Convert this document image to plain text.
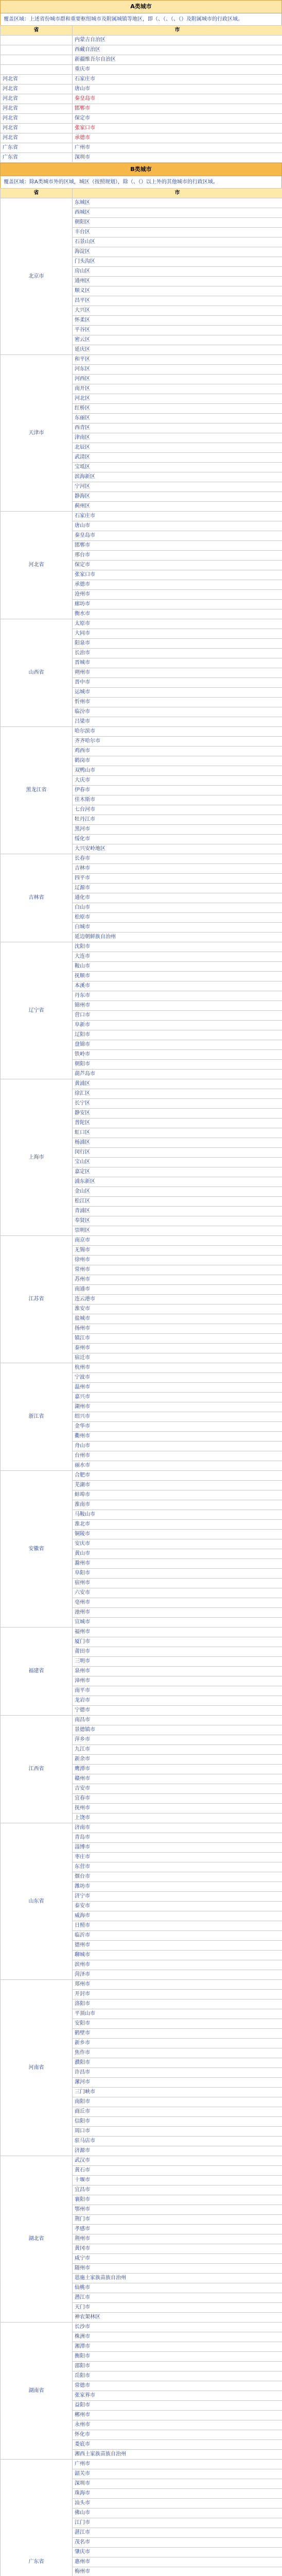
A类城市
覆盖区域：上述省份城市群和重要枢纽城市及附属城镇等地区，即（、（、（、（）及附属城市的行政区域。
省	市
	内蒙古自治区
	西藏自治区
	新疆维吾尔自治区
	重庆市
河北省	石家庄市
河北省	唐山市
河北省	秦皇岛市
河北省	邯郸市
河北省	保定市
河北省	张家口市
河北省	承德市
广东省	广州市
广东省	深圳市
B类城市
覆盖区域：除A类城市外的区域，城区（按照规划），除（、（）以上外的其他城市的行政区域。
省	市
北京市	东城区
	西城区
	朝阳区
	丰台区
	石景山区
	海淀区
	门头沟区
	房山区
	通州区
	顺义区
	昌平区
	大兴区
	怀柔区
	平谷区
	密云区
	延庆区
天津市	和平区
	河东区
	河西区
	南开区
	河北区
	红桥区
	东丽区
	西青区
	津南区
	北辰区
	武清区
	宝坻区
	滨海新区
	宁河区
	静海区
	蓟州区
河北省	石家庄市
	唐山市
	秦皇岛市
	邯郸市
	邢台市
	保定市
	张家口市
	承德市
	沧州市
	廊坊市
	衡水市
山西省	太原市
	大同市
	阳泉市
	长治市
	晋城市
	朔州市
	晋中市
	运城市
	忻州市
	临汾市
	吕梁市
黑龙江省	哈尔滨市
	齐齐哈尔市
	鸡西市
	鹤岗市
	双鸭山市
	大庆市
	伊春市
	佳木斯市
	七台河市
	牡丹江市
	黑河市
	绥化市
	大兴安岭地区
吉林省	长春市
	吉林市
	四平市
	辽源市
	通化市
	白山市
	松原市
	白城市
	延边朝鲜族自治州
辽宁省	沈阳市
	大连市
	鞍山市
	抚顺市
	本溪市
	丹东市
	锦州市
	营口市
	阜新市
	辽阳市
	盘锦市
	铁岭市
	朝阳市
	葫芦岛市
上海市	黄浦区
	徐汇区
	长宁区
	静安区
	普陀区
	虹口区
	杨浦区
	闵行区
	宝山区
	嘉定区
	浦东新区
	金山区
	松江区
	青浦区
	奉贤区
	崇明区
江苏省	南京市
	无锡市
	徐州市
	常州市
	苏州市
	南通市
	连云港市
	淮安市
	盐城市
	扬州市
	镇江市
	泰州市
	宿迁市
浙江省	杭州市
	宁波市
	温州市
	嘉兴市
	湖州市
	绍兴市
	金华市
	衢州市
	舟山市
	台州市
	丽水市
安徽省	合肥市
	芜湖市
	蚌埠市
	淮南市
	马鞍山市
	淮北市
	铜陵市
	安庆市
	黄山市
	滁州市
	阜阳市
	宿州市
	六安市
	亳州市
	池州市
	宣城市
福建省	福州市
	厦门市
	莆田市
	三明市
	泉州市
	漳州市
	南平市
	龙岩市
	宁德市
江西省	南昌市
	景德镇市
	萍乡市
	九江市
	新余市
	鹰潭市
	赣州市
	吉安市
	宜春市
	抚州市
	上饶市
山东省	济南市
	青岛市
	淄博市
	枣庄市
	东营市
	烟台市
	潍坊市
	济宁市
	泰安市
	威海市
	日照市
	临沂市
	德州市
	聊城市
	滨州市
	菏泽市
河南省	郑州市
	开封市
	洛阳市
	平顶山市
	安阳市
	鹤壁市
	新乡市
	焦作市
	濮阳市
	许昌市
	漯河市
	三门峡市
	南阳市
	商丘市
	信阳市
	周口市
	驻马店市
	济源市
湖北省	武汉市
	黄石市
	十堰市
	宜昌市
	襄阳市
	鄂州市
	荆门市
	孝感市
	荆州市
	黄冈市
	咸宁市
	随州市
	恩施土家族苗族自治州
	仙桃市
	潜江市
	天门市
	神农架林区
湖南省	长沙市
	株洲市
	湘潭市
	衡阳市
	邵阳市
	岳阳市
	常德市
	张家界市
	益阳市
	郴州市
	永州市
	怀化市
	娄底市
	湘西土家族苗族自治州
广东省	广州市
	韶关市
	深圳市
	珠海市
	汕头市
	佛山市
	江门市
	湛江市
	茂名市
	肇庆市
	惠州市
	梅州市
